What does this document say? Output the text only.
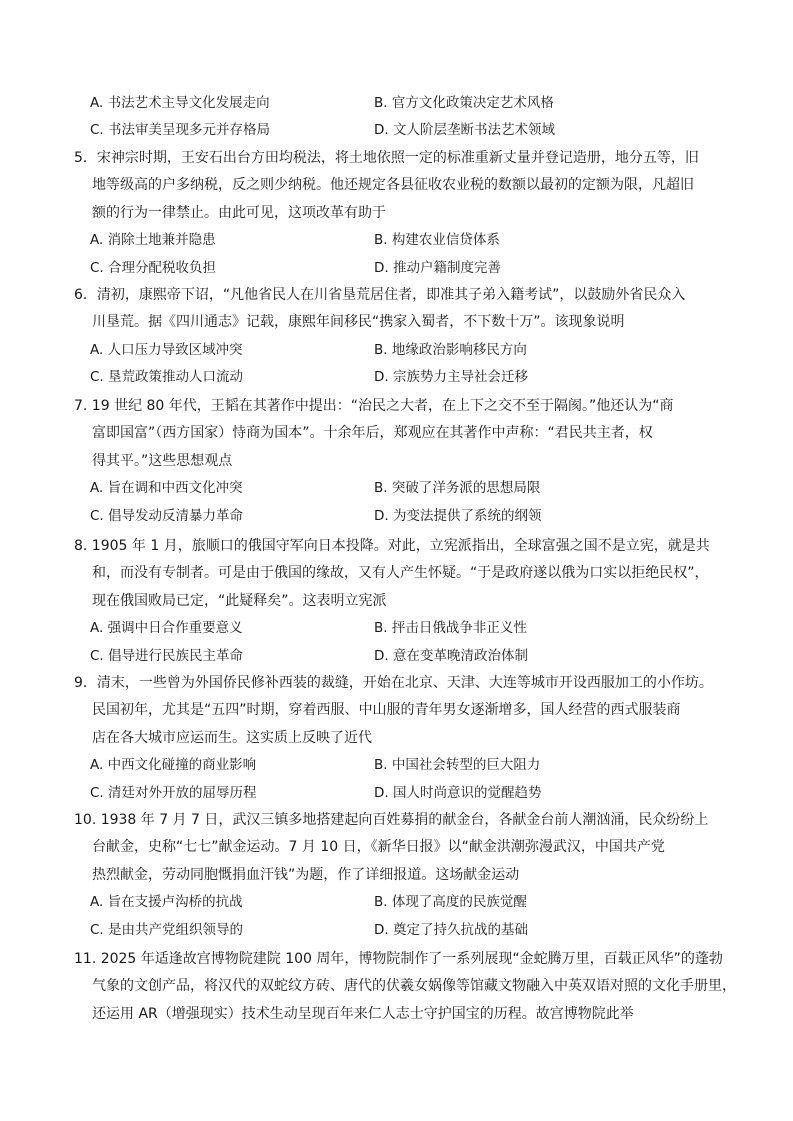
A. 书法艺术主导文化发展走向	B. 官方文化政策决定艺术风格
C. 书法审美呈现多元并存格局	D. 文人阶层垄断书法艺术领域
5．宋神宗时期，王安石出台方田均税法，将土地依照一定的标准重新丈量并登记造册，地分五等，旧
地等级高的户多纳税，反之则少纳税。他还规定各县征收农业税的数额以最初的定额为限，凡超旧
额的行为一律禁止。由此可见，这项改革有助于
A. 消除土地兼并隐患	B. 构建农业信贷体系
C. 合理分配税收负担	D. 推动户籍制度完善
6．清初，康熙帝下诏，“凡他省民人在川省垦荒居住者，即准其子弟入籍考试”，以鼓励外省民众入
川垦荒。据《四川通志》记载，康熙年间移民“携家入蜀者，不下数十万”。该现象说明
A. 人口压力导致区域冲突	B. 地缘政治影响移民方向
C. 垦荒政策推动人口流动	D. 宗族势力主导社会迁移
7. 19 世纪 80 年代，王韬在其著作中提出：“治民之大者，在上下之交不至于隔阂。”他还认为“商
富即国富”（西方国家）恃商为国本”。十余年后，郑观应在其著作中声称：“君民共主者，权
得其平。”这些思想观点
A. 旨在调和中西文化冲突	B. 突破了洋务派的思想局限
C. 倡导发动反清暴力革命	D. 为变法提供了系统的纲领
8. 1905 年 1 月，旅顺口的俄国守军向日本投降。对此，立宪派指出，全球富强之国不是立宪，就是共
和，而没有专制者。可是由于俄国的缘故，又有人产生怀疑。“于是政府遂以俄为口实以拒绝民权”，
现在俄国败局已定，“此疑释矣”。这表明立宪派
A. 强调中日合作重要意义	B. 抨击日俄战争非正义性
C. 倡导进行民族民主革命	D. 意在变革晚清政治体制
9．清末，一些曾为外国侨民修补西装的裁缝，开始在北京、天津、大连等城市开设西服加工的小作坊。
民国初年，尤其是“五四”时期，穿着西服、中山服的青年男女逐渐增多，国人经营的西式服装商
店在各大城市应运而生。这实质上反映了近代
A. 中西文化碰撞的商业影响	B. 中国社会转型的巨大阻力
C. 清廷对外开放的屈辱历程	D. 国人时尚意识的觉醒趋势
10. 1938 年 7 月 7 日，武汉三镇多地搭建起向百姓募捐的献金台，各献金台前人潮汹涌，民众纷纷上
台献金，史称“七七”献金运动。7 月 10 日，《新华日报》以“献金洪潮弥漫武汉，中国共产党
热烈献金，劳动同胞慨捐血汗钱”为题，作了详细报道。这场献金运动
A. 旨在支援卢沟桥的抗战	B. 体现了高度的民族觉醒
C. 是由共产党组织领导的	D. 奠定了持久抗战的基础
11. 2025 年适逢故宫博物院建院 100 周年，博物院制作了一系列展现“金蛇腾万里，百载正风华”的蓬勃
气象的文创产品，将汉代的双蛇纹方砖、唐代的伏羲女娲像等馆藏文物融入中英双语对照的文化手册里，
还运用 AR（增强现实）技术生动呈现百年来仁人志士守护国宝的历程。故宫博物院此举
